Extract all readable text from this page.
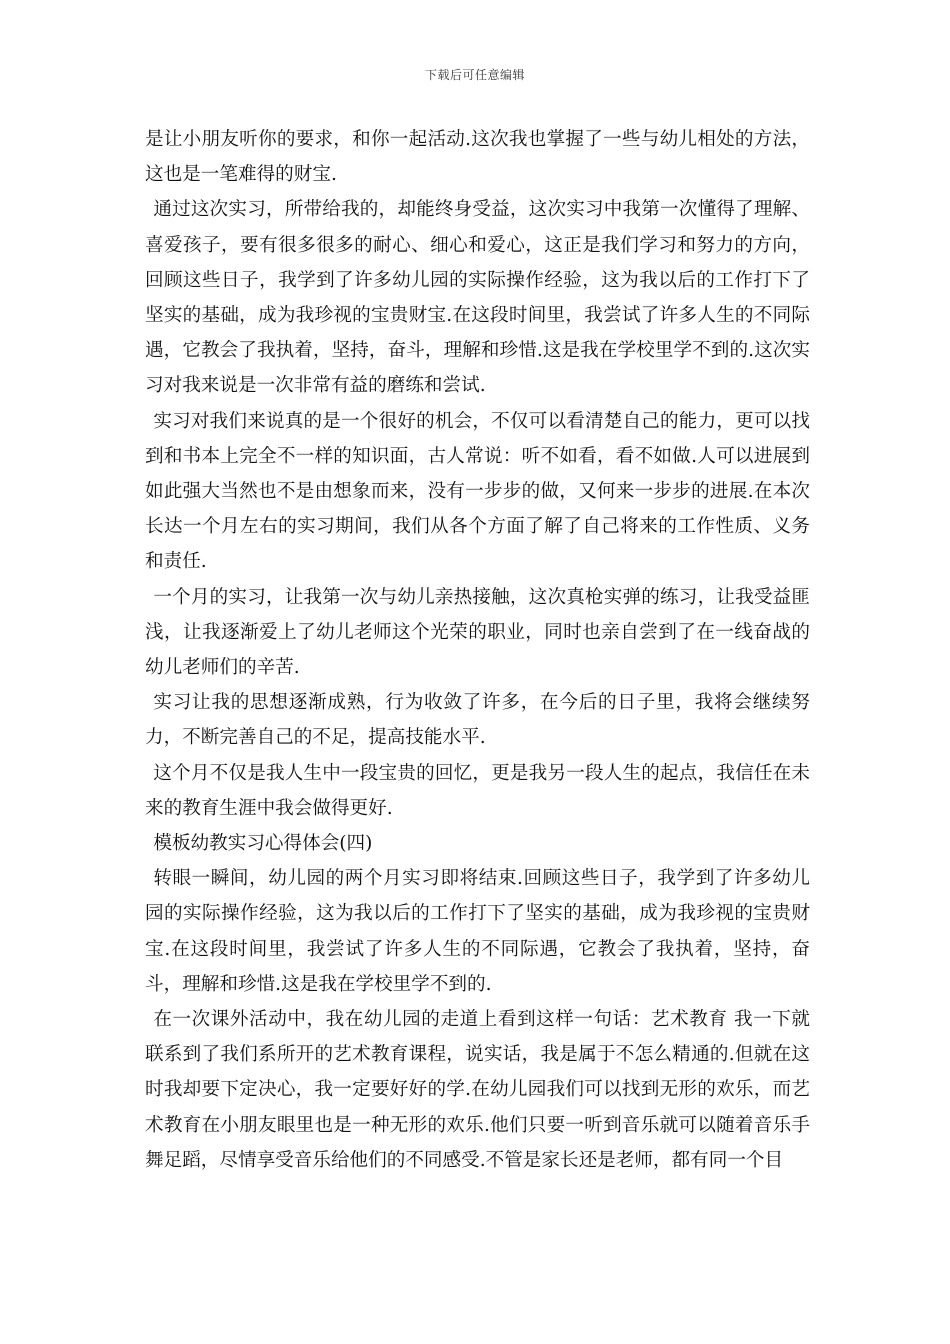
下载后可任意编辑

是让小朋友听你的要求，和你一起活动.这次我也掌握了一些与幼儿相处的方法，这也是一笔难得的财宝.

通过这次实习，所带给我的，却能终身受益，这次实习中我第一次懂得了理解、喜爱孩子，要有很多很多的耐心、细心和爱心，这正是我们学习和努力的方向，回顾这些日子，我学到了许多幼儿园的实际操作经验，这为我以后的工作打下了坚实的基础，成为我珍视的宝贵财宝.在这段时间里，我尝试了许多人生的不同际遇，它教会了我执着，坚持，奋斗，理解和珍惜.这是我在学校里学不到的.这次实习对我来说是一次非常有益的磨练和尝试.

实习对我们来说真的是一个很好的机会，不仅可以看清楚自己的能力，更可以找到和书本上完全不一样的知识面，古人常说：听不如看，看不如做.人可以进展到如此强大当然也不是由想象而来，没有一步步的做，又何来一步步的进展.在本次长达一个月左右的实习期间，我们从各个方面了解了自己将来的工作性质、义务和责任.

一个月的实习，让我第一次与幼儿亲热接触，这次真枪实弹的练习，让我受益匪浅，让我逐渐爱上了幼儿老师这个光荣的职业，同时也亲自尝到了在一线奋战的幼儿老师们的辛苦.

实习让我的思想逐渐成熟，行为收敛了许多，在今后的日子里，我将会继续努力，不断完善自己的不足，提高技能水平.

这个月不仅是我人生中一段宝贵的回忆，更是我另一段人生的起点，我信任在未来的教育生涯中我会做得更好.

模板幼教实习心得体会(四)

转眼一瞬间，幼儿园的两个月实习即将结束.回顾这些日子，我学到了许多幼儿园的实际操作经验，这为我以后的工作打下了坚实的基础，成为我珍视的宝贵财宝.在这段时间里，我尝试了许多人生的不同际遇，它教会了我执着，坚持，奋斗，理解和珍惜.这是我在学校里学不到的.

在一次课外活动中，我在幼儿园的走道上看到这样一句话：艺术教育 我一下就联系到了我们系所开的艺术教育课程，说实话，我是属于不怎么精通的.但就在这时我却要下定决心，我一定要好好的学.在幼儿园我们可以找到无形的欢乐，而艺术教育在小朋友眼里也是一种无形的欢乐.他们只要一听到音乐就可以随着音乐手舞足蹈，尽情享受音乐给他们的不同感受.不管是家长还是老师，都有同一个目
